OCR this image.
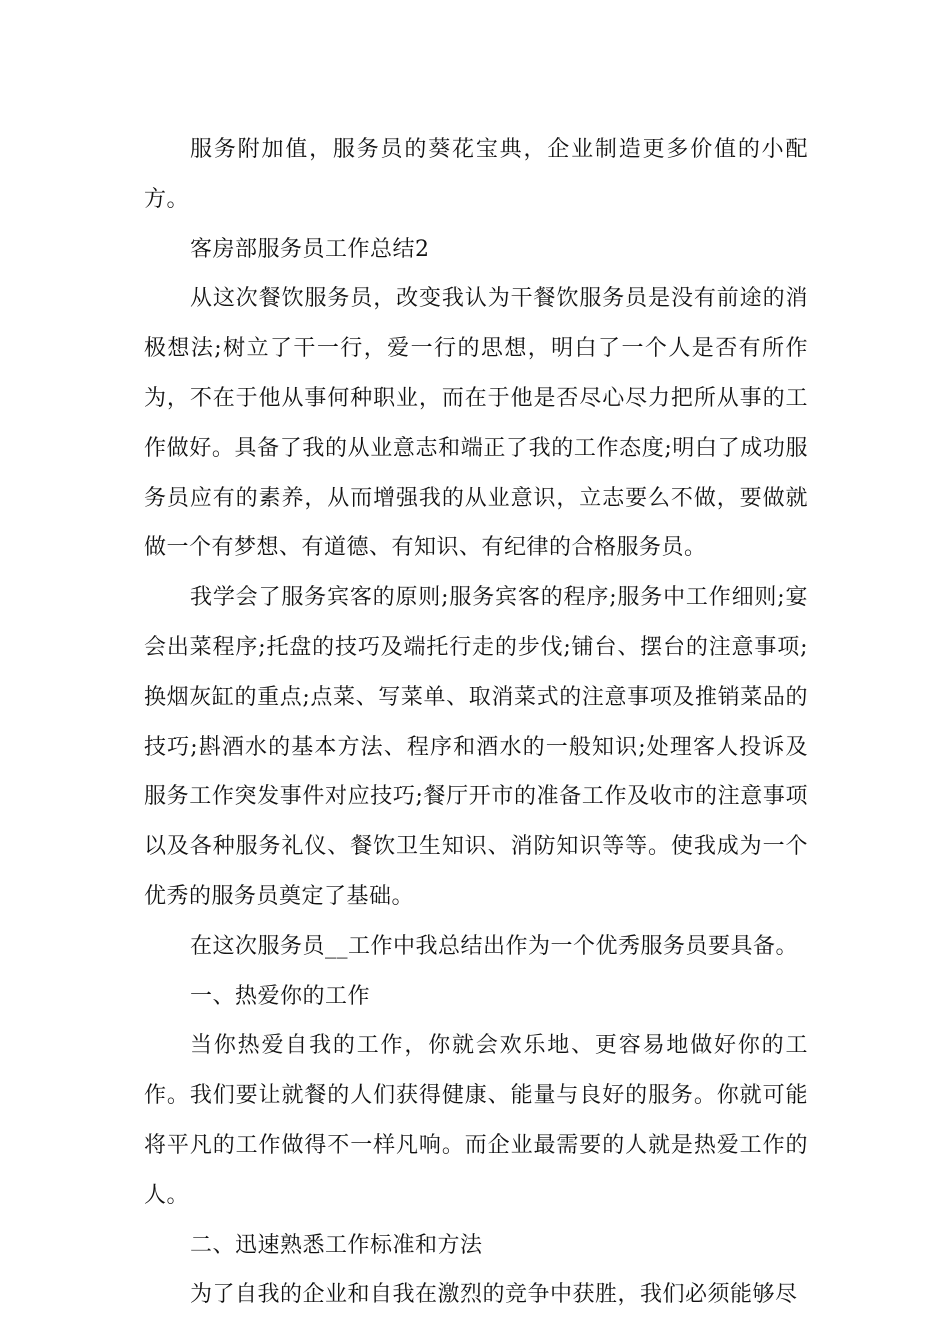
服务附加值，服务员的葵花宝典，企业制造更多价值的小配方。

客房部服务员工作总结2

从这次餐饮服务员，改变我认为干餐饮服务员是没有前途的消极想法;树立了干一行，爱一行的思想，明白了一个人是否有所作为，不在于他从事何种职业，而在于他是否尽心尽力把所从事的工作做好。具备了我的从业意志和端正了我的工作态度;明白了成功服务员应有的素养，从而增强我的从业意识，立志要么不做，要做就做一个有梦想、有道德、有知识、有纪律的合格服务员。

我学会了服务宾客的原则;服务宾客的程序;服务中工作细则;宴会出菜程序;托盘的技巧及端托行走的步伐;铺台、摆台的注意事项;换烟灰缸的重点;点菜、写菜单、取消菜式的注意事项及推销菜品的技巧;斟酒水的基本方法、程序和酒水的一般知识;处理客人投诉及服务工作突发事件对应技巧;餐厅开市的准备工作及收市的注意事项以及各种服务礼仪、餐饮卫生知识、消防知识等等。使我成为一个优秀的服务员奠定了基础。

在这次服务员__工作中我总结出作为一个优秀服务员要具备。

一、热爱你的工作

当你热爱自我的工作，你就会欢乐地、更容易地做好你的工作。我们要让就餐的人们获得健康、能量与良好的服务。你就可能将平凡的工作做得不一样凡响。而企业最需要的人就是热爱工作的人。

二、迅速熟悉工作标准和方法

为了自我的企业和自我在激烈的竞争中获胜，我们必须能够尽
